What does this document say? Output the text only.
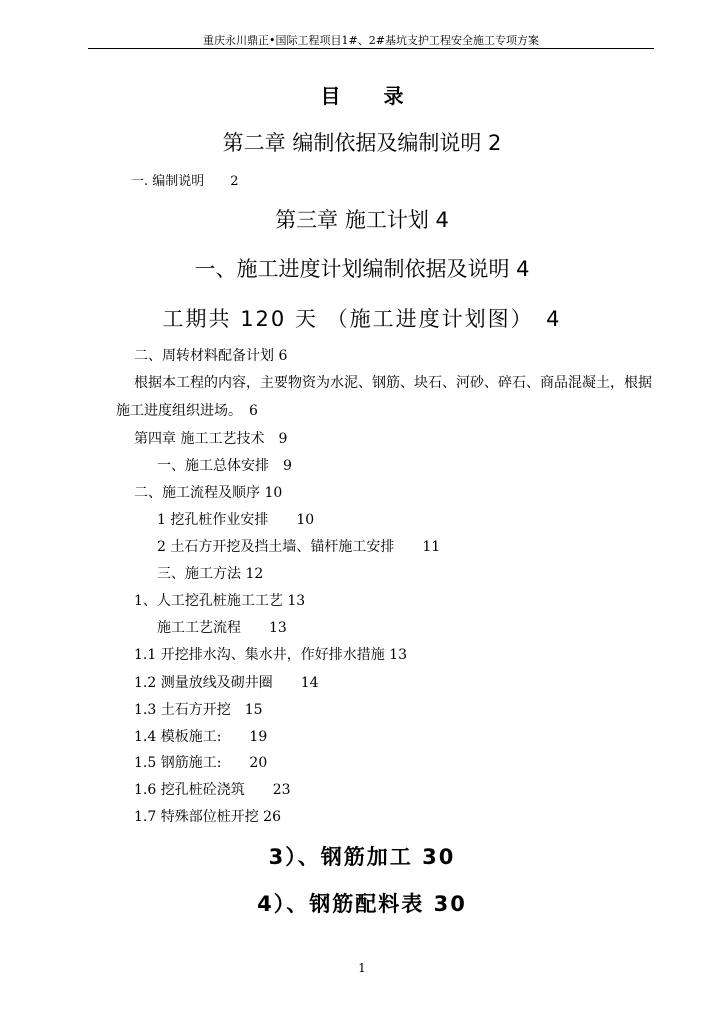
重庆永川鼎正•国际工程项目1#、2#基坑支护工程安全施工专项方案
目 录
第二章 编制依据及编制说明 2
一. 编制说明　　2
第三章 施工计划 4
一、施工进度计划编制依据及说明 4
工期共 120 天 （施工进度计划图）　4
二、周转材料配备计划 6
根据本工程的内容，主要物资为水泥、钢筋、块石、河砂、碎石、商品混凝土，根据
施工进度组织进场。　6
第四章 施工工艺技术　9
一、施工总体安排　9
二、施工流程及顺序 10
1 挖孔桩作业安排　　10
2 土石方开挖及挡土墙、锚杆施工安排　　11
三、施工方法 12
1、人工挖孔桩施工工艺 13
施工工艺流程　　13
1.1 开挖排水沟、集水井，作好排水措施 13
1.2 测量放线及砌井圈　　14
1.3 土石方开挖　15
1.4 模板施工:　　19
1.5 钢筋施工:　　20
1.6 挖孔桩砼浇筑　　23
1.7 特殊部位桩开挖 26
3）、钢筋加工 30
4）、钢筋配料表 30
1
